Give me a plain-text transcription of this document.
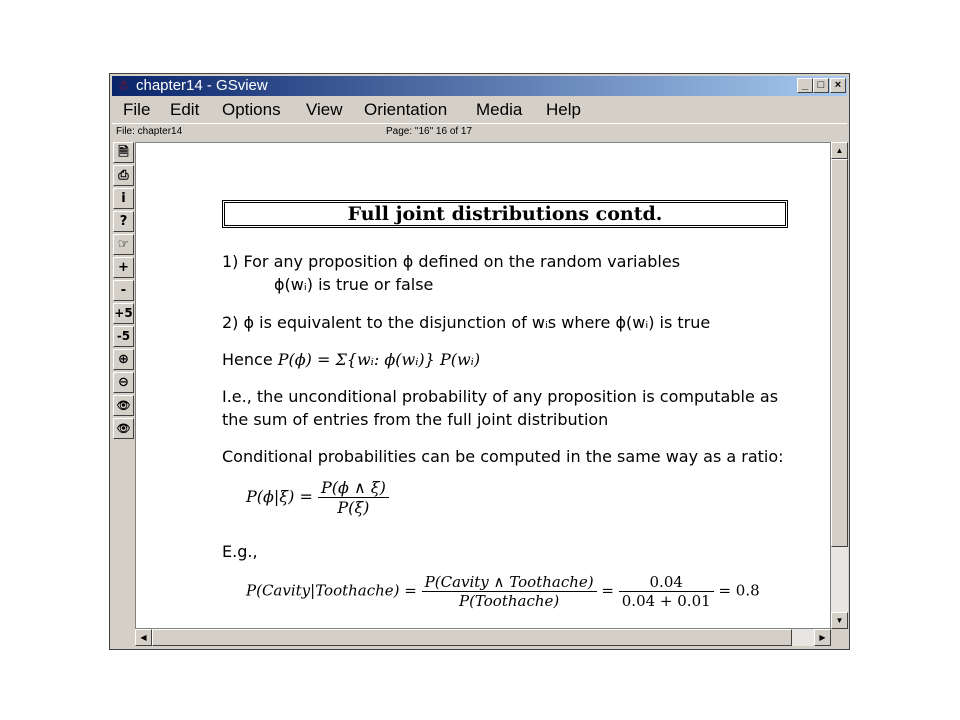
☃ chapter14 - GSview	_ □ ×
File Edit Options View Orientation Media Help
File: chapter14	Page: "16" 16 of 17
🗎
⎙
i
?
☞
+
-
+5
-5
⊕
⊖
👁
👁
Full joint distributions contd.
1) For any proposition ϕ defined on the random variables
ϕ(wᵢ) is true or false
2) ϕ is equivalent to the disjunction of wᵢs where ϕ(wᵢ) is true
Hence P(ϕ) = Σ{wᵢ: ϕ(wᵢ)} P(wᵢ)
I.e., the unconditional probability of any proposition is computable as
the sum of entries from the full joint distribution
Conditional probabilities can be computed in the same way as a ratio:
$P(\phi|\xi) = \frac{P(\phi \wedge \xi)}{P(\xi)}$
E.g.,
P(Cavity|Toothache) = $\frac{\text{P(Cavity ∧ Toothache)}}{\text{P(Toothache)}} = \frac{0.04}{0.04 + 0.01} = 0.8$
▲
▼
◀	▶
